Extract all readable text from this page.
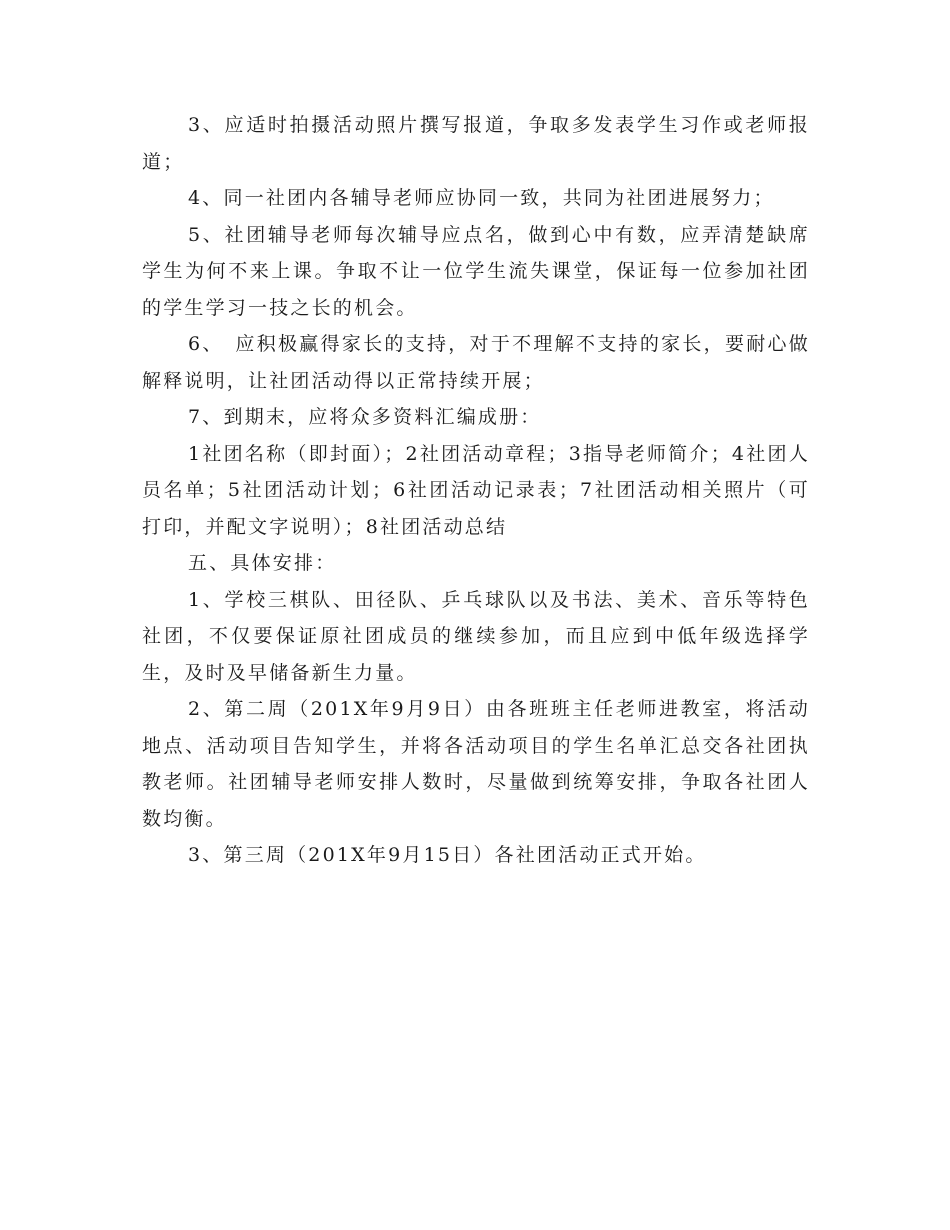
3、应适时拍摄活动照片撰写报道，争取多发表学生习作或老师报道；

4、同一社团内各辅导老师应协同一致，共同为社团进展努力；

5、社团辅导老师每次辅导应点名，做到心中有数，应弄清楚缺席学生为何不来上课。争取不让一位学生流失课堂，保证每一位参加社团的学生学习一技之长的机会。

6、　应积极赢得家长的支持，对于不理解不支持的家长，要耐心做解释说明，让社团活动得以正常持续开展；

7、到期末，应将众多资料汇编成册：

1社团名称（即封面）；2社团活动章程；3指导老师简介；4社团人员名单；5社团活动计划；6社团活动记录表；7社团活动相关照片（可打印，并配文字说明）；8社团活动总结

五、具体安排：

1、学校三棋队、田径队、乒乓球队以及书法、美术、音乐等特色社团，不仅要保证原社团成员的继续参加，而且应到中低年级选择学生，及时及早储备新生力量。

2、第二周（201X年9月9日）由各班班主任老师进教室，将活动地点、活动项目告知学生，并将各活动项目的学生名单汇总交各社团执教老师。社团辅导老师安排人数时，尽量做到统筹安排，争取各社团人数均衡。

3、第三周（201X年9月15日）各社团活动正式开始。
